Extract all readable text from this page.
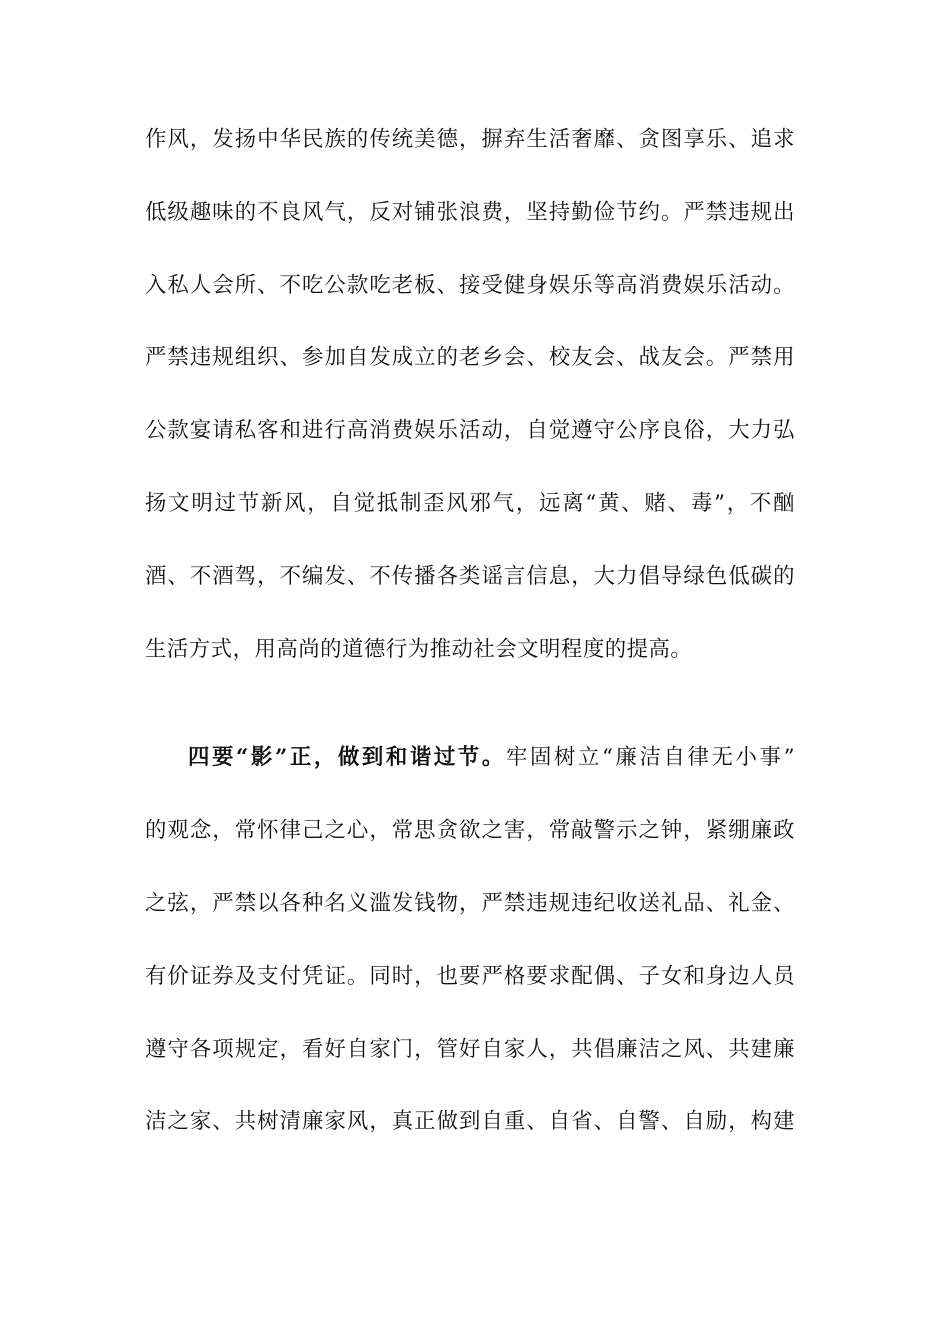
作风，发扬中华民族的传统美德，摒弃生活奢靡、贪图享乐、追求
低级趣味的不良风气，反对铺张浪费，坚持勤俭节约。严禁违规出
入私人会所、不吃公款吃老板、接受健身娱乐等高消费娱乐活动。
严禁违规组织、参加自发成立的老乡会、校友会、战友会。严禁用
公款宴请私客和进行高消费娱乐活动，自觉遵守公序良俗，大力弘
扬文明过节新风，自觉抵制歪风邪气，远离“黄、赌、毒”，不酗
酒、不酒驾，不编发、不传播各类谣言信息，大力倡导绿色低碳的
生活方式，用高尚的道德行为推动社会文明程度的提高。
四要“影”正，做到和谐过节。牢固树立“廉洁自律无小事”
的观念，常怀律己之心，常思贪欲之害，常敲警示之钟，紧绷廉政
之弦，严禁以各种名义滥发钱物，严禁违规违纪收送礼品、礼金、
有价证券及支付凭证。同时，也要严格要求配偶、子女和身边人员
遵守各项规定，看好自家门，管好自家人，共倡廉洁之风、共建廉
洁之家、共树清廉家风，真正做到自重、自省、自警、自励，构建
